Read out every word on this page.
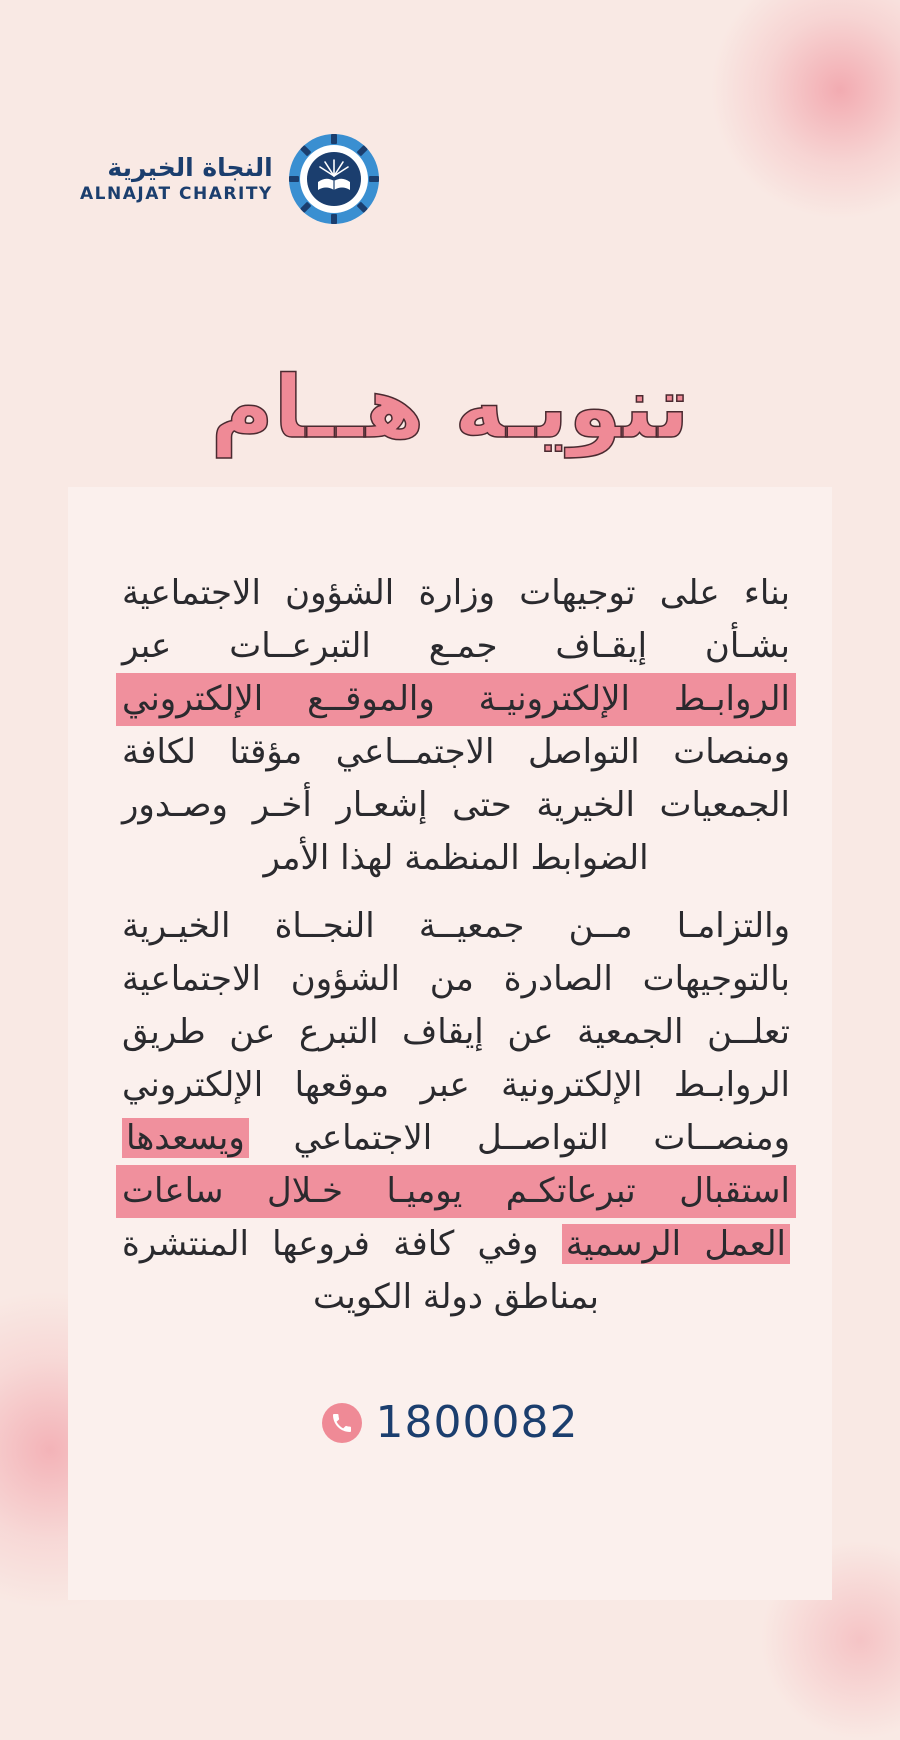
النجاة الخيرية
ALNAJAT CHARITY
تنويـه هــام
بناء على توجيهات وزارة الشؤون الاجتماعية
بشـأن إيقـاف جمـع التبرعــات عبر
الروابـط الإلكترونيـة والموقــع الإلكتروني
ومنصات التواصل الاجتمــاعي مؤقتا لكافة
الجمعيات الخيرية حتى إشعـار أخـر وصـدور
الضوابط المنظمة لهذا الأمر
والتزامـا مــن جمعيــة النجــاة الخيـرية
بالتوجيهات الصادرة من الشؤون الاجتماعية
تعلــن الجمعية عن إيقاف التبرع عن طريق
الروابـط الإلكترونية عبر موقعها الإلكتروني
ومنصــات التواصــل الاجتماعي ويسعدها
استقبال تبرعاتكـم يوميـا خـلال ساعات
العمل الرسمية وفي كافة فروعها المنتشرة
بمناطق دولة الكويت
1800082
